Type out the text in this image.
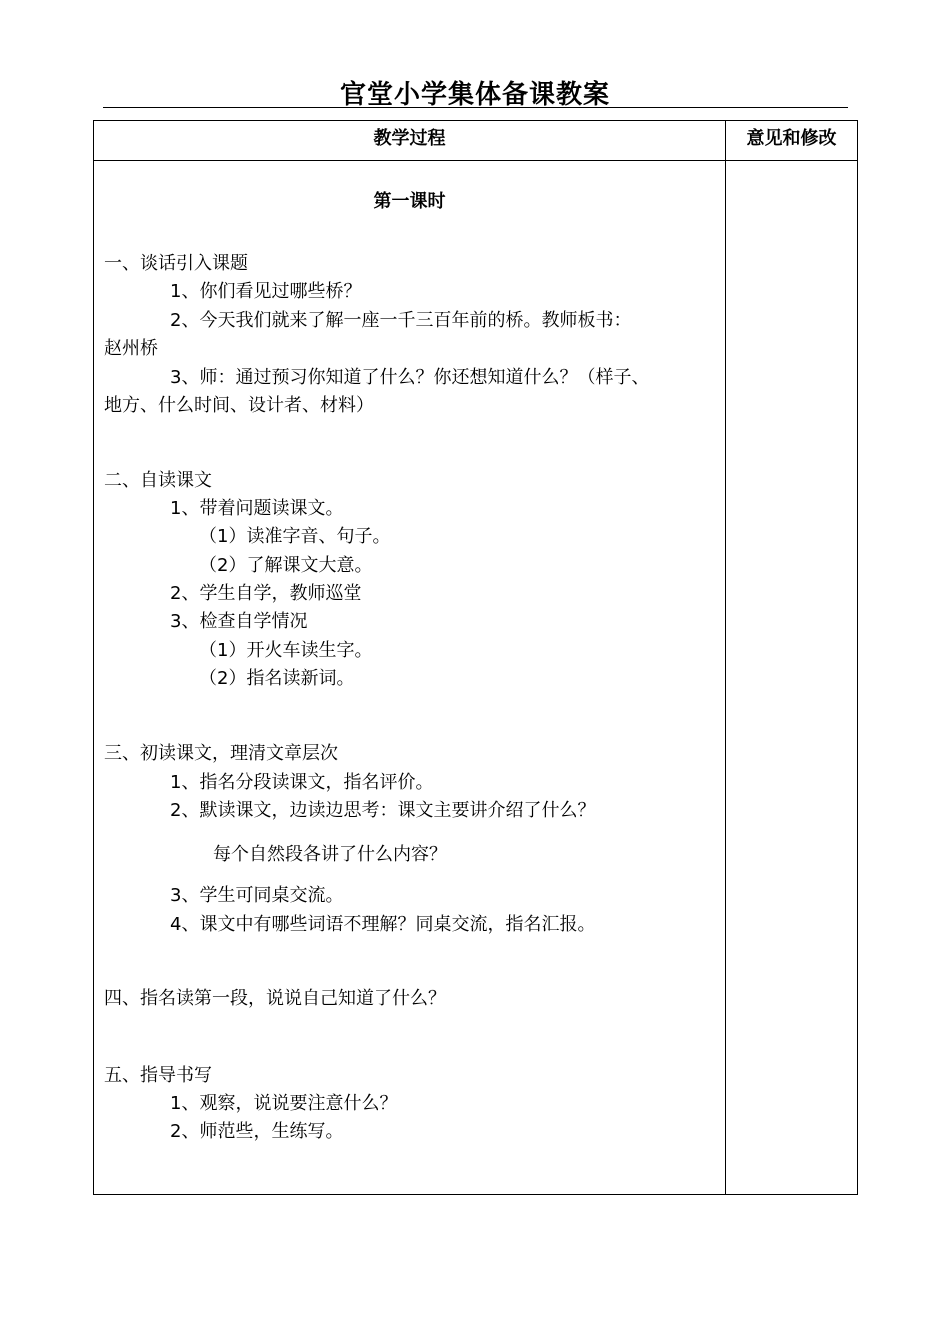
官堂小学集体备课教案
教学过程	意见和修改
第一课时
一、谈话引入课题
1、你们看见过哪些桥？
2、今天我们就来了解一座一千三百年前的桥。教师板书：
赵州桥
3、师：通过预习你知道了什么？你还想知道什么？（样子、
地方、什么时间、设计者、材料）
二、自读课文
1、带着问题读课文。
（1）读准字音、句子。
（2）了解课文大意。
2、学生自学，教师巡堂
3、检查自学情况
（1）开火车读生字。
（2）指名读新词。
三、初读课文，理清文章层次
1、指名分段读课文，指名评价。
2、默读课文，边读边思考：课文主要讲介绍了什么？
每个自然段各讲了什么内容？
3、学生可同桌交流。
4、课文中有哪些词语不理解？同桌交流，指名汇报。
四、指名读第一段，说说自己知道了什么？
五、指导书写
1、观察，说说要注意什么？
2、师范些，生练写。
